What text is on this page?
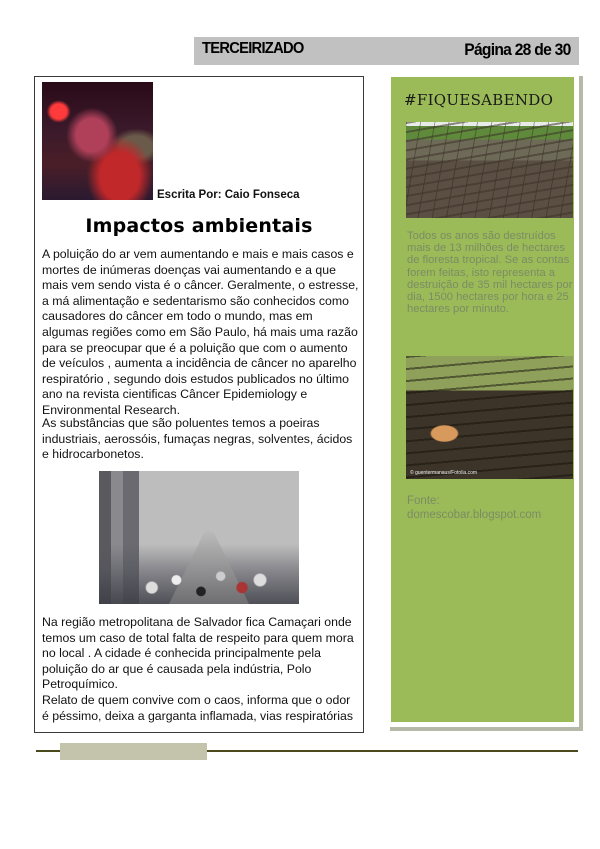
TERCEIRIZADO	Página 28 de 30
Escrita Por: Caio Fonseca
Impactos ambientais

A poluição do ar vem aumentando e mais e mais casos e mortes de inúmeras doenças vai aumentando e a que mais vem sendo vista é o câncer. Geralmente, o estresse, a má alimentação e sedentarismo são conhecidos como causadores do câncer em todo o mundo, mas em algumas regiões como em São Paulo, há mais uma razão para se preocupar que é a poluição que com o aumento de veículos , aumenta a incidência de câncer no aparelho respiratório , segundo dois estudos publicados no último ano na revista cientificas Câncer Epidemiology e Environmental Research.

As substâncias que são poluentes temos a poeiras industriais, aerossóis, fumaças negras, solventes, ácidos e hidrocarbonetos.

Na região metropolitana de Salvador fica Camaçari onde temos um caso de total falta de respeito para quem mora no local . A cidade é conhecida principalmente pela poluição do ar que é causada pela indústria, Polo Petroquímico.

Relato de quem convive com o caos, informa que o odor é péssimo, deixa a garganta inflamada, vias respiratórias

#FIQUESABENDO

Todos os anos são destruídos mais de 13 milhões de hectares de floresta tropical. Se as contas forem feitas, isto representa a destruição de 35 mil hectares por dia, 1500 hectares por hora e 25 hectares por minuto.

© guentermanaus/Fotolia.com

Fonte: domescobar.blogspot.com
